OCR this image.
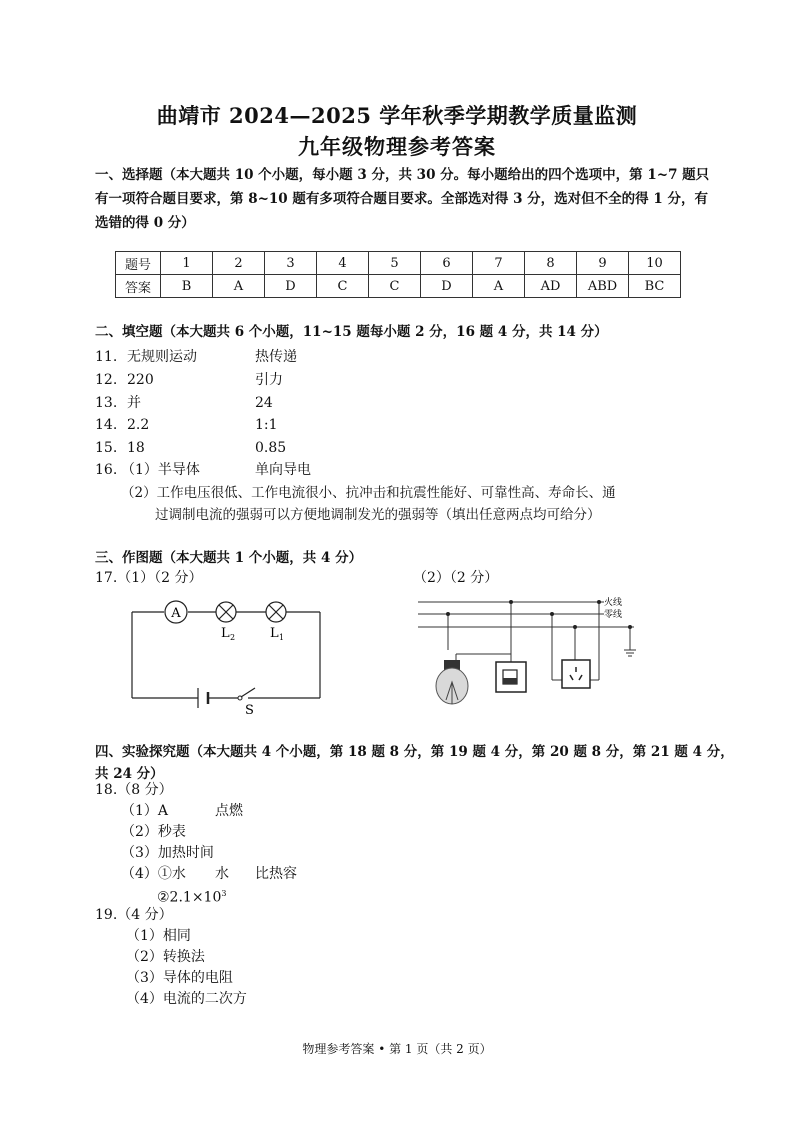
曲靖市 2024—2025 学年秋季学期教学质量监测
九年级物理参考答案
一、选择题（本大题共 10 个小题，每小题 3 分，共 30 分。每小题给出的四个选项中，第 1~7 题只有一项符合题目要求，第 8~10 题有多项符合题目要求。全部选对得 3 分，选对但不全的得 1 分，有选错的得 0 分）
题号	1	2	3	4	5	6	7	8	9	10
答案	B	A	D	C	C	D	A	AD	ABD	BC
二、填空题（本大题共 6 个小题，11~15 题每小题 2 分，16 题 4 分，共 14 分）
11. 无规则运动	热传递
12. 220	引力
13. 并	24
14. 2.2	1:1
15. 18	0.85
16. （1）半导体	单向导电
（2）工作电压很低、工作电流很小、抗冲击和抗震性能好、可靠性高、寿命长、通
过调制电流的强弱可以方便地调制发光的强弱等（填出任意两点均可给分）
三、作图题（本大题共 1 个小题，共 4 分）
17.（1）（2 分）	（2）（2 分）
A
L 2	L 1
S
火线
零线
四、实验探究题（本大题共 4 个小题，第 18 题 8 分，第 19 题 4 分，第 20 题 8 分，第 21 题 4 分，
共 24 分）
18.（8 分）
（1）A	点燃
（2）秒表
（3）加热时间
（4）①水 水 比热容
$②2.1\times 10^3$
19.（4 分）
（1）相同
（2）转换法
（3）导体的电阻
（4）电流的二次方
物理参考答案 • 第 1 页（共 2 页）
